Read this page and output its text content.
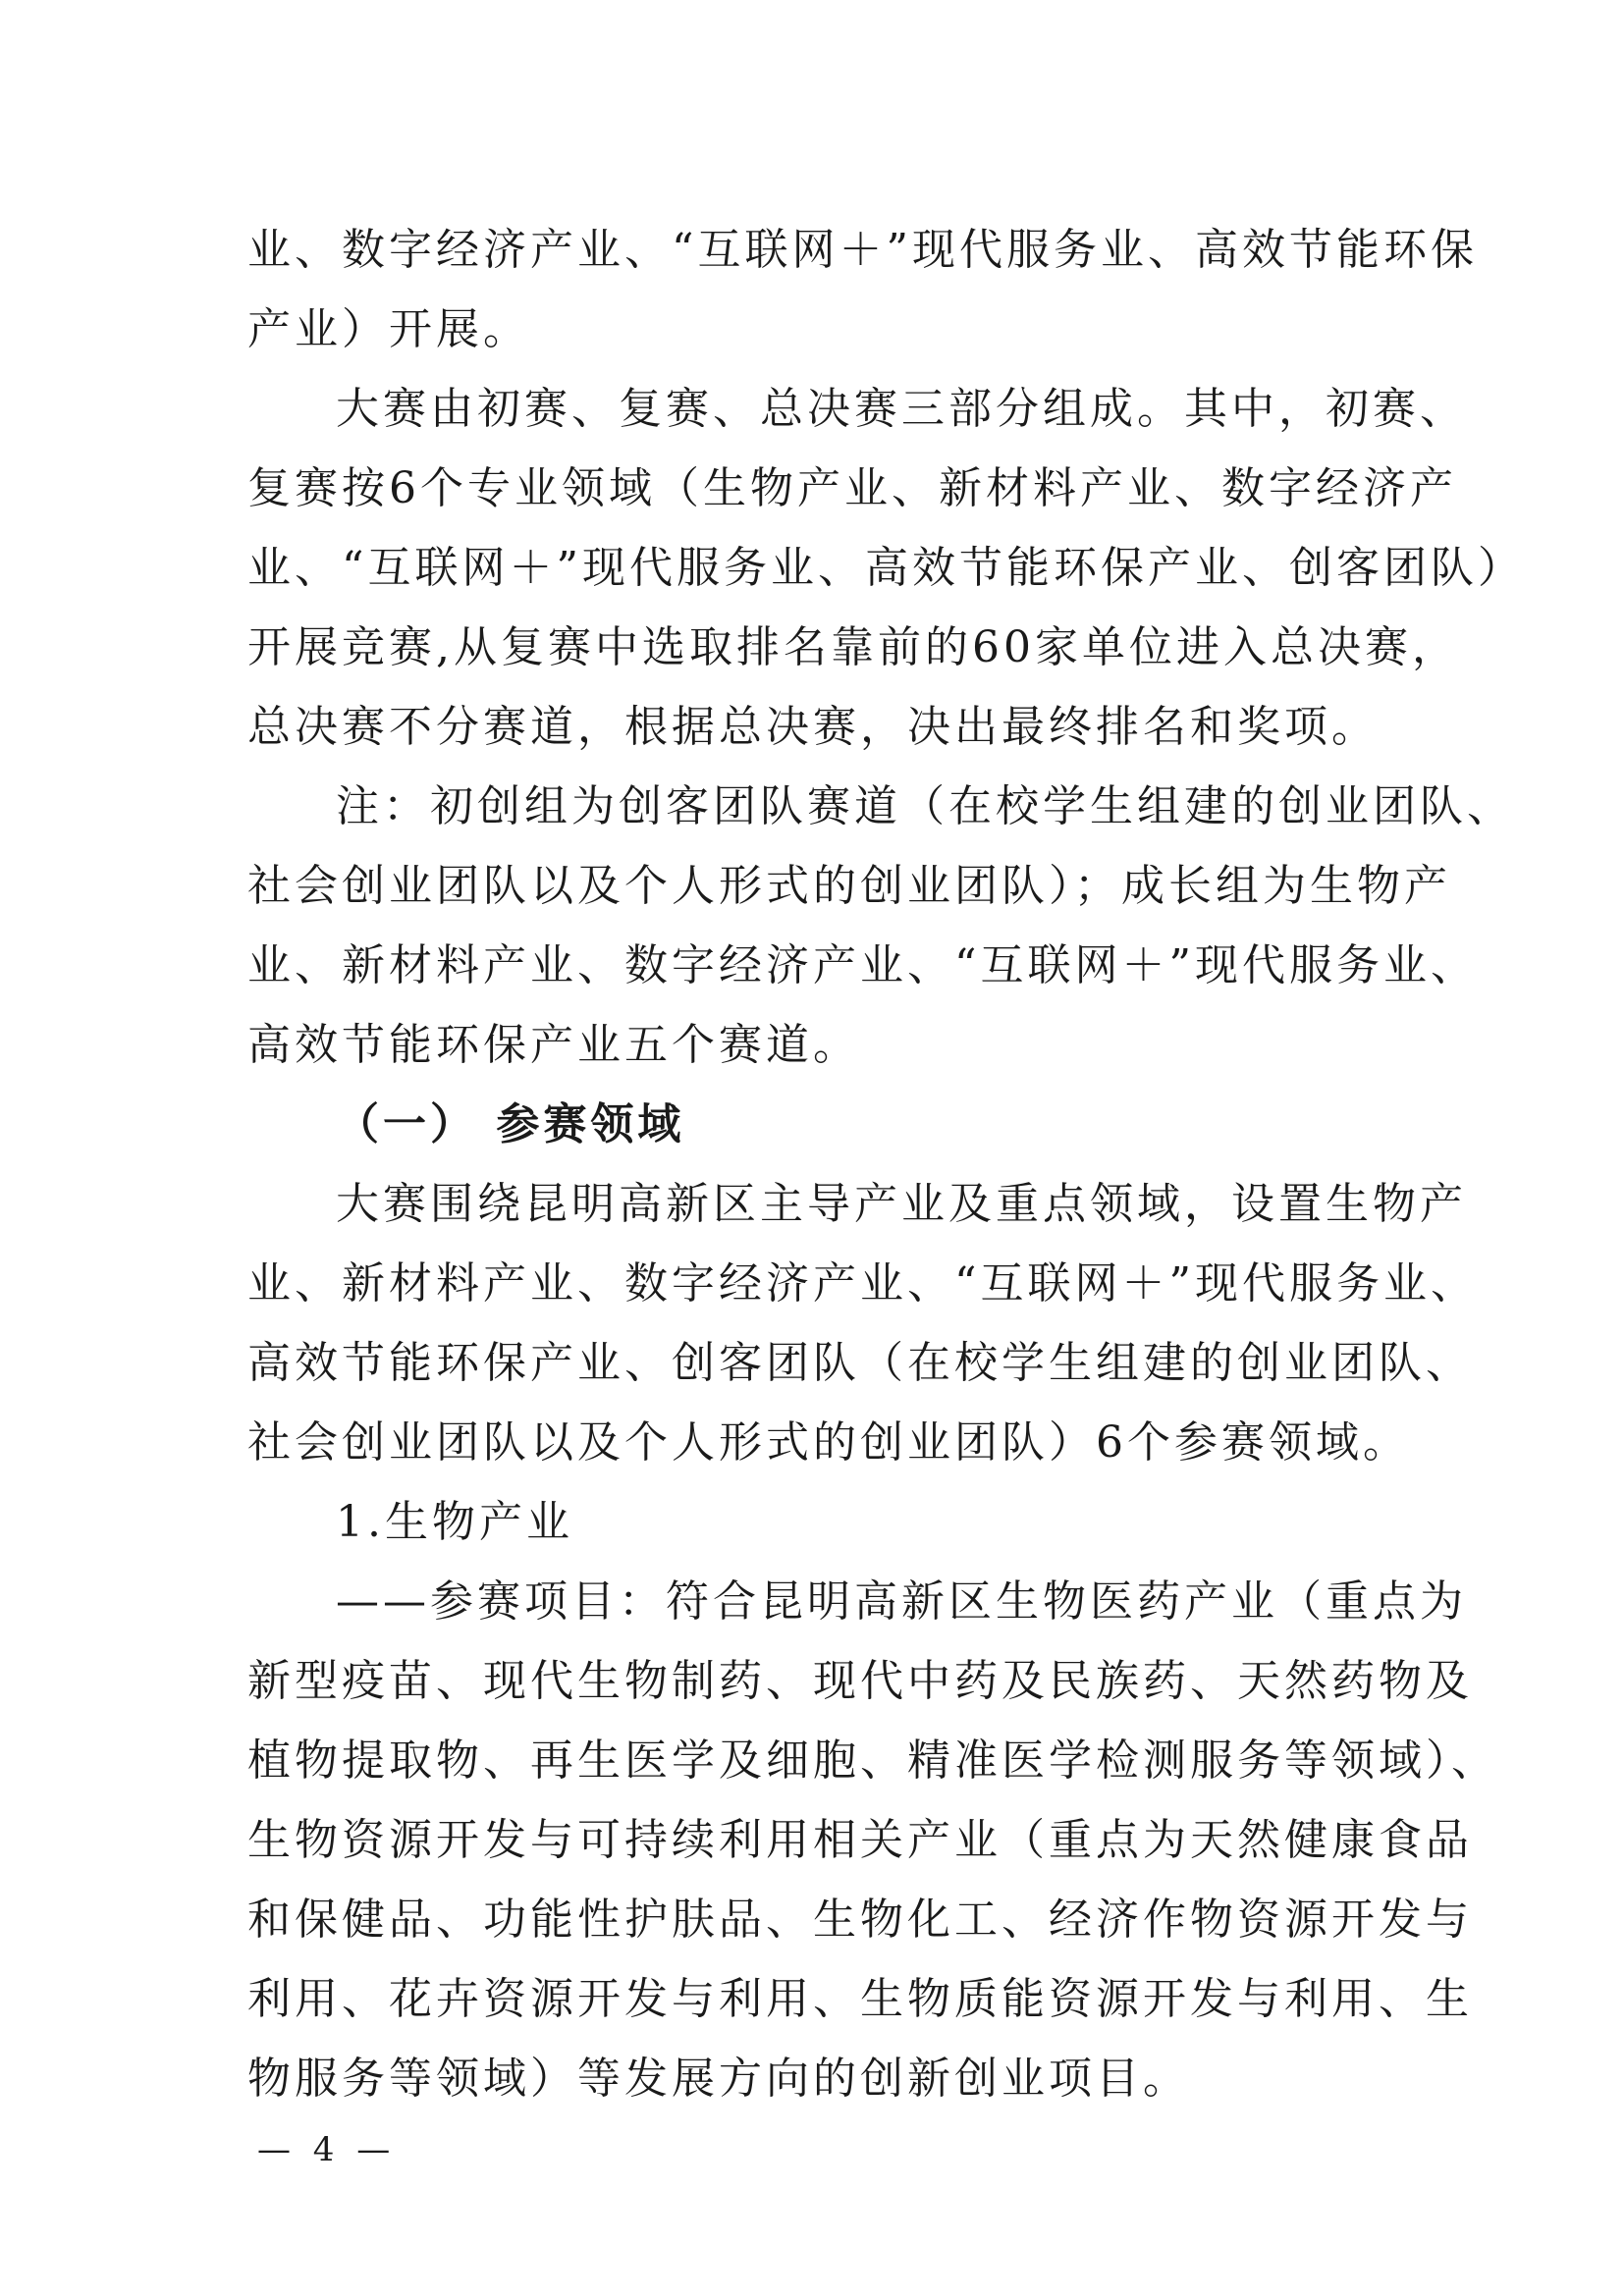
业、数字经济产业、“互联网＋”现代服务业、高效节能环保
产业）开展。
大赛由初赛、复赛、总决赛三部分组成。其中，初赛、
复赛按6个专业领域（生物产业、新材料产业、数字经济产
业、“互联网＋”现代服务业、高效节能环保产业、创客团队）
开展竞赛,从复赛中选取排名靠前的60家单位进入总决赛，
总决赛不分赛道，根据总决赛，决出最终排名和奖项。
注：初创组为创客团队赛道（在校学生组建的创业团队、
社会创业团队以及个人形式的创业团队）；成长组为生物产
业、新材料产业、数字经济产业、“互联网＋”现代服务业、
高效节能环保产业五个赛道。
（一） 参赛领域
大赛围绕昆明高新区主导产业及重点领域，设置生物产
业、新材料产业、数字经济产业、“互联网＋”现代服务业、
高效节能环保产业、创客团队（在校学生组建的创业团队、
社会创业团队以及个人形式的创业团队）6个参赛领域。
1.生物产业
——参赛项目：符合昆明高新区生物医药产业（重点为
新型疫苗、现代生物制药、现代中药及民族药、天然药物及
植物提取物、再生医学及细胞、精准医学检测服务等领域）、
生物资源开发与可持续利用相关产业（重点为天然健康食品
和保健品、功能性护肤品、生物化工、经济作物资源开发与
利用、花卉资源开发与利用、生物质能资源开发与利用、生
物服务等领域）等发展方向的创新创业项目。
— 4 —
